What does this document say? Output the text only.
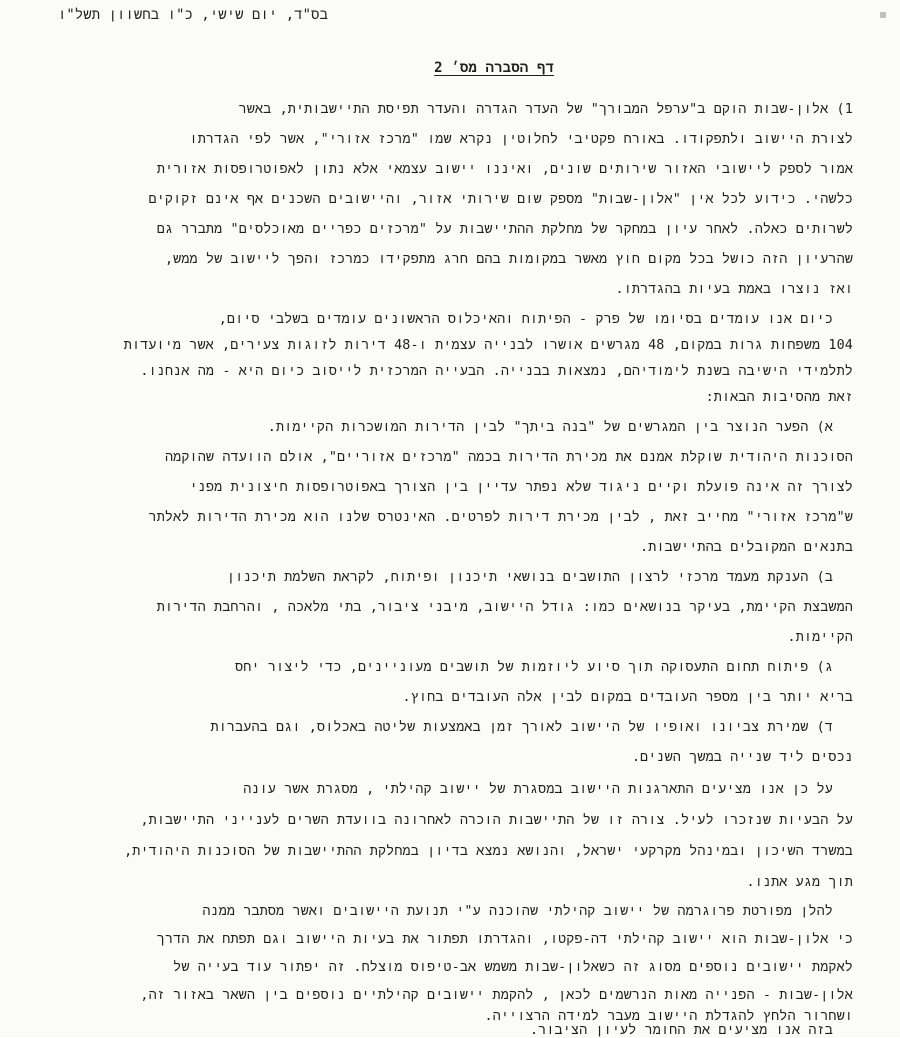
בס"ד, יום שישי, כ"ו בחשוון תשל"ו
דף הסברה מס׳ 2
1) אלון-שבות הוקם ב"ערפל המבורך" של העדר הגדרה והעדר תפיסת התיישבותית, באשר
לצורת היישוב ולתפקודו. באורח פקטיבי לחלוטין נקרא שמו "מרכז אזורי", אשר לפי הגדרתו
אמור לספק ליישובי האזור שירותים שונים, ואיננו יישוב עצמאי אלא נתון לאפוטרופסות אזורית
כלשהי. כידוע לכל אין "אלון-שבות" מספק שום שירותי אזור, והיישובים השכנים אף אינם זקוקים
לשרותים כאלה. לאחר עיון במחקר של מחלקת ההתיישבות על "מרכזים כפריים מאוכלסים" מתברר גם
שהרעיון הזה כושל בכל מקום חוץ מאשר במקומות בהם חרג מתפקידו כמרכז והפך ליישוב של ממש,
ואז נוצרו באמת בעיות בהגדרתו.
כיום אנו עומדים בסיומו של פרק - הפיתוח והאיכלוס הראשונים עומדים בשלבי סיום,
104 משפחות גרות במקום, 48 מגרשים אושרו לבנייה עצמית ו-48 דירות לזוגות צעירים, אשר מיועדות
לתלמידי הישיבה בשנת לימודיהם, נמצאות בבנייה. הבעייה המרכזית לייסוב כיום היא - מה אנחנו.
זאת מהסיבות הבאות:
א) הפער הנוצר בין המגרשים של "בנה ביתך" לבין הדירות המושכרות הקיימות.
הסוכנות היהודית שוקלת אמנם את מכירת הדירות בכמה "מרכזים אזוריים", אולם הוועדה שהוקמה
לצורך זה אינה פועלת וקיים ניגוד שלא נפתר עדיין בין הצורך באפוטרופסות חיצונית מפני
ש"מרכז אזורי" מחייב זאת , לבין מכירת דירות לפרטים. האינטרס שלנו הוא מכירת הדירות לאלתר
בתנאים המקובלים בהתיישבות.
ב) הענקת מעמד מרכזי לרצון התושבים בנושאי תיכנון ופיתוח, לקראת השלמת תיכנון
המשבצת הקיימת, בעיקר בנושאים כמו: גודל היישוב, מיבני ציבור, בתי מלאכה , והרחבת הדירות
הקיימות.
ג) פיתוח תחום התעסוקה תוך סיוע ליוזמות של תושבים מעוניינים, כדי ליצור יחס
בריא יותר בין מספר העובדים במקום לבין אלה העובדים בחוץ.
ד) שמירת צביונו ואופיו של היישוב לאורך זמן באמצעות שליטה באכלוס, וגם בהעברות
נכסים ליד שנייה במשך השנים.
על כן אנו מציעים התארגנות היישוב במסגרת של יישוב קהילתי , מסגרת אשר עונה
על הבעיות שנזכרו לעיל. צורה זו של התיישבות הוכרה לאחרונה בוועדת השרים לענייני התיישבות,
במשרד השיכון ובמינהל מקרקעי ישראל, והנושא נמצא בדיון במחלקת ההתיישבות של הסוכנות היהודית,
תוך מגע אתנו.
להלן מפורטת פרוגרמה של יישוב קהילתי שהוכנה ע"י תנועת היישובים ואשר מסתבר ממנה
כי אלון-שבות הוא יישוב קהילתי דה-פקטו, והגדרתו תפתור את בעיות היישוב וגם תפתח את הדרך
לאקמת יישובים נוספים מסוג זה כשאלון-שבות משמש אב-טיפוס מוצלח. זה יפתור עוד בעייה של
אלון-שבות - הפנייה מאות הנרשמים לכאן , להקמת יישובים קהילתיים נוספים בין השאר באזור זה,
ושחרור הלחץ להגדלת היישוב מעבר למידה הרצוייה.
בזה אנו מציעים את החומר לעיון הציבור.
